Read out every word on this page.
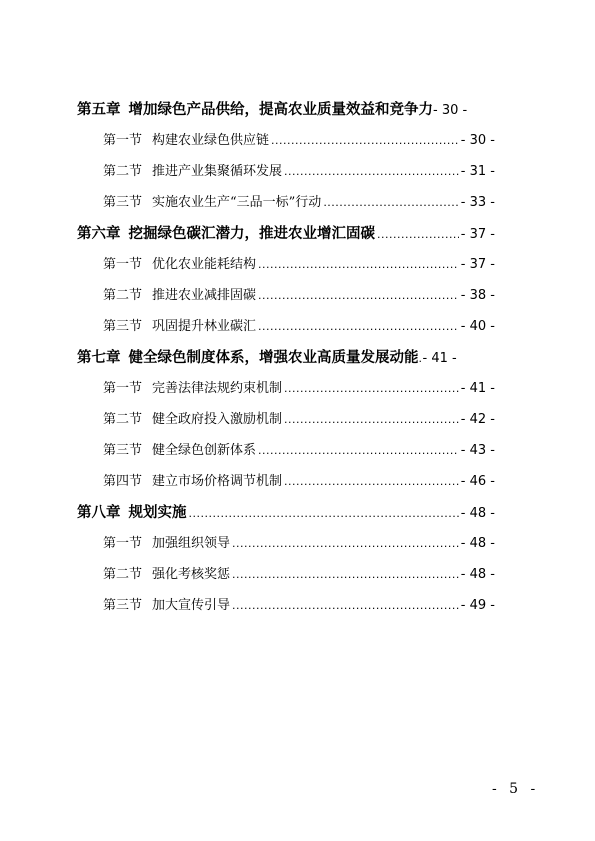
第五章 增加绿色产品供给，提高农业质量效益和竞争力 - 30 -
第一节 构建农业绿色供应链 .....	- 30 -
第二节 推进产业集聚循环发展 .....	- 31 -
第三节 实施农业生产“三品一标”行动 .....	- 33 -
第六章 挖掘绿色碳汇潜力，推进农业增汇固碳 .....	- 37 -
第一节 优化农业能耗结构 .....	- 37 -
第二节 推进农业减排固碳 .....	- 38 -
第三节 巩固提升林业碳汇 .....	- 40 -
第七章 健全绿色制度体系，增强农业高质量发展动能 ..... - 41 -
第一节 完善法律法规约束机制 .....	- 41 -
第二节 健全政府投入激励机制 .....	- 42 -
第三节 健全绿色创新体系 .....	- 43 -
第四节 建立市场价格调节机制 .....	- 46 -
第八章 规划实施 .....	- 48 -
第一节 加强组织领导 .....	- 48 -
第二节 强化考核奖惩 .....	- 48 -
第三节 加大宣传引导 .....	- 49 -
- 5 -
